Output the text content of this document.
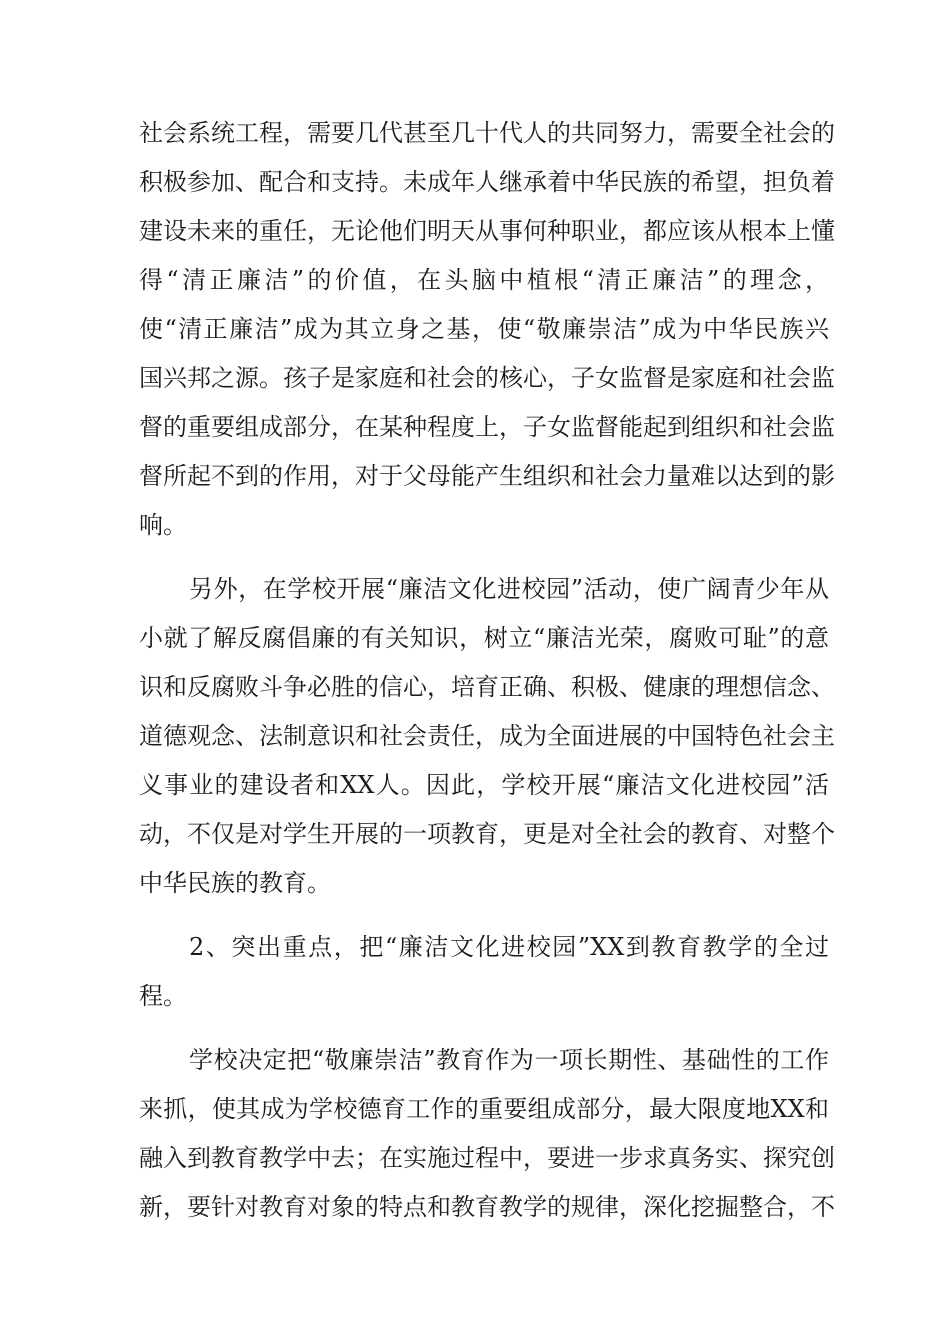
社会系统工程，需要几代甚至几十代人的共同努力，需要全社会的
积极参加、配合和支持。未成年人继承着中华民族的希望，担负着
建设未来的重任，无论他们明天从事何种职业，都应该从根本上懂
得“清正廉洁”的价值，在头脑中植根“清正廉洁”的理念，
使“清正廉洁”成为其立身之基，使“敬廉崇洁”成为中华民族兴
国兴邦之源。孩子是家庭和社会的核心，子女监督是家庭和社会监
督的重要组成部分，在某种程度上，子女监督能起到组织和社会监
督所起不到的作用，对于父母能产生组织和社会力量难以达到的影
响。
另外，在学校开展“廉洁文化进校园”活动，使广阔青少年从
小就了解反腐倡廉的有关知识，树立“廉洁光荣，腐败可耻”的意
识和反腐败斗争必胜的信心，培育正确、积极、健康的理想信念、
道德观念、法制意识和社会责任，成为全面进展的中国特色社会主
义事业的建设者和XX人。因此，学校开展“廉洁文化进校园”活
动，不仅是对学生开展的一项教育，更是对全社会的教育、对整个
中华民族的教育。
2、突出重点，把“廉洁文化进校园”XX到教育教学的全过
程。
学校决定把“敬廉崇洁”教育作为一项长期性、基础性的工作
来抓，使其成为学校德育工作的重要组成部分，最大限度地XX和
融入到教育教学中去；在实施过程中，要进一步求真务实、探究创
新，要针对教育对象的特点和教育教学的规律，深化挖掘整合，不
